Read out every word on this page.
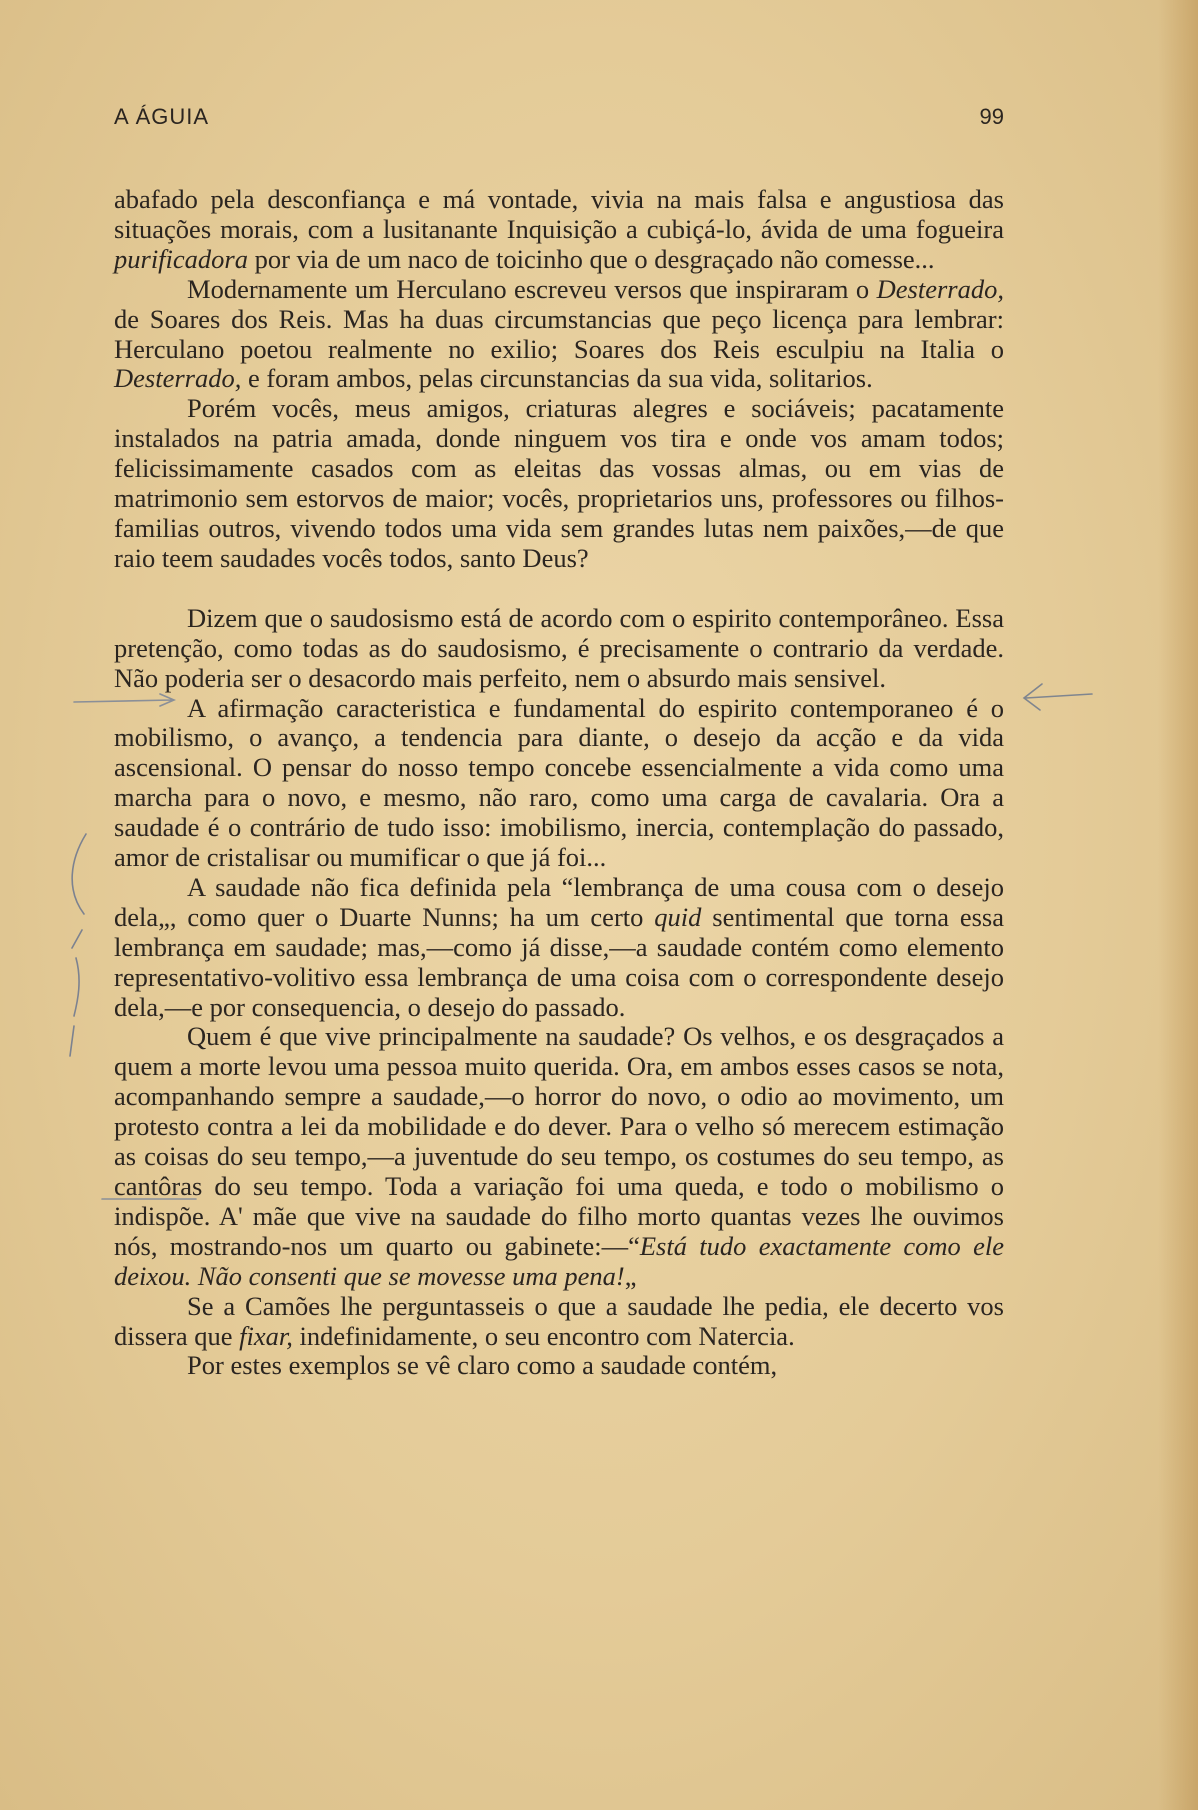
A ÁGUIA	99

abafado pela desconfiança e má vontade, vivia na mais falsa e angustiosa das situações morais, com a lusitanante Inquisição a cubiçá-lo, ávida de uma fogueira purificadora por via de um naco de toicinho que o desgraçado não comesse...

Modernamente um Herculano escreveu versos que inspiraram o Desterrado, de Soares dos Reis. Mas ha duas circumstancias que peço licença para lembrar: Herculano poetou realmente no exilio; Soares dos Reis esculpiu na Italia o Desterrado, e foram ambos, pelas circunstancias da sua vida, solitarios.

Porém vocês, meus amigos, criaturas alegres e sociáveis; pacatamente instalados na patria amada, donde ninguem vos tira e onde vos amam todos; felicissimamente casados com as eleitas das vossas almas, ou em vias de matrimonio sem estorvos de maior; vocês, proprietarios uns, professores ou filhos-familias outros, vivendo todos uma vida sem grandes lutas nem paixões,—de que raio teem saudades vocês todos, santo Deus?

Dizem que o saudosismo está de acordo com o espirito contemporâneo. Essa pretenção, como todas as do saudosismo, é precisamente o contrario da verdade. Não poderia ser o desacordo mais perfeito, nem o absurdo mais sensivel.

A afirmação caracteristica e fundamental do espirito contemporaneo é o mobilismo, o avanço, a tendencia para diante, o desejo da acção e da vida ascensional. O pensar do nosso tempo concebe essencialmente a vida como uma marcha para o novo, e mesmo, não raro, como uma carga de cavalaria. Ora a saudade é o contrário de tudo isso: imobilismo, inercia, contemplação do passado, amor de cristalisar ou mumificar o que já foi...

A saudade não fica definida pela “lembrança de uma cousa com o desejo dela„, como quer o Duarte Nunns; ha um certo quid sentimental que torna essa lembrança em saudade; mas,—como já disse,—a saudade contém como elemento representativo-volitivo essa lembrança de uma coisa com o correspondente desejo dela,—e por consequencia, o desejo do passado.

Quem é que vive principalmente na saudade? Os velhos, e os desgraçados a quem a morte levou uma pessoa muito querida. Ora, em ambos esses casos se nota, acompanhando sempre a saudade,—o horror do novo, o odio ao movimento, um protesto contra a lei da mobilidade e do dever. Para o velho só merecem estimação as coisas do seu tempo,—a juventude do seu tempo, os costumes do seu tempo, as cantôras do seu tempo. Toda a variação foi uma queda, e todo o mobilismo o indispõe. A' mãe que vive na saudade do filho morto quantas vezes lhe ouvimos nós, mostrando-nos um quarto ou gabinete:—“Está tudo exactamente como ele deixou. Não consenti que se movesse uma pena!„

Se a Camões lhe perguntasseis o que a saudade lhe pedia, ele decerto vos dissera que fixar, indefinidamente, o seu encontro com Natercia.

Por estes exemplos se vê claro como a saudade contém,
